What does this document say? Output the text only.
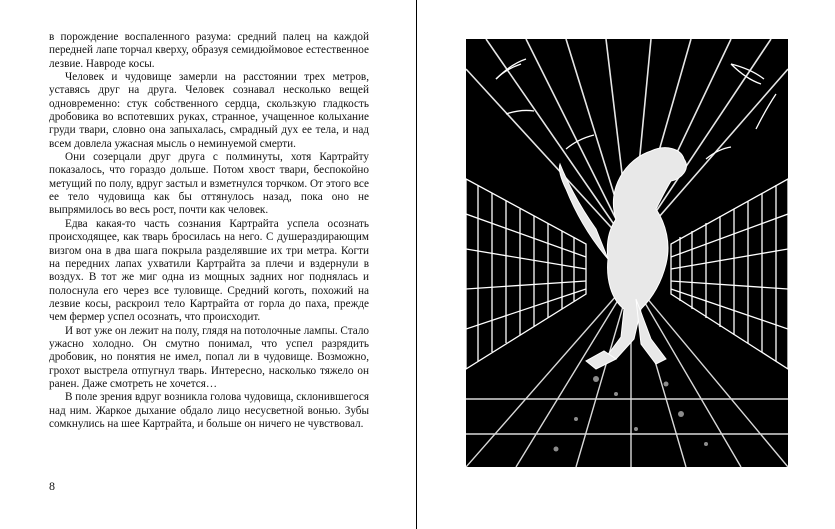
в порождение воспаленного разума: средний палец на каждой передней лапе торчал кверху, образуя семидюймовое естественное лезвие. Навроде косы.

Человек и чудовище замерли на расстоянии трех метров, уставясь друг на друга. Человек сознавал несколько вещей одновременно: стук собственного сердца, скользкую гладкость дробовика во вспотевших руках, странное, учащенное колыхание груди твари, словно она запыхалась, смрадный дух ее тела, и над всем довлела ужасная мысль о неминуемой смерти.

Они созерцали друг друга с полминуты, хотя Картрайту показалось, что гораздо дольше. Потом хвост твари, беспокойно метущий по полу, вдруг застыл и взметнулся торчком. От этого все ее тело чудовища как бы оттянулось назад, пока оно не выпрямилось во весь рост, почти как человек.

Едва какая-то часть сознания Картрайта успела осознать происходящее, как тварь бросилась на него. С душераздирающим визгом она в два шага покрыла разделявшие их три метра. Когти на передних лапах ухватили Картрайта за плечи и вздернули в воздух. В тот же миг одна из мощных задних ног поднялась и полоснула его через все туловище. Средний коготь, похожий на лезвие косы, раскроил тело Картрайта от горла до паха, прежде чем фермер успел осознать, что происходит.

И вот уже он лежит на полу, глядя на потолочные лампы. Стало ужасно холодно. Он смутно понимал, что успел разрядить дробовик, но понятия не имел, попал ли в чудовище. Возможно, грохот выстрела отпугнул тварь. Интересно, насколько тяжело он ранен. Даже смотреть не хочется…

В поле зрения вдруг возникла голова чудовища, склонившегося над ним. Жаркое дыхание обдало лицо несусветной вонью. Зубы сомкнулись на шее Картрайта, и больше он ничего не чувствовал.

8
